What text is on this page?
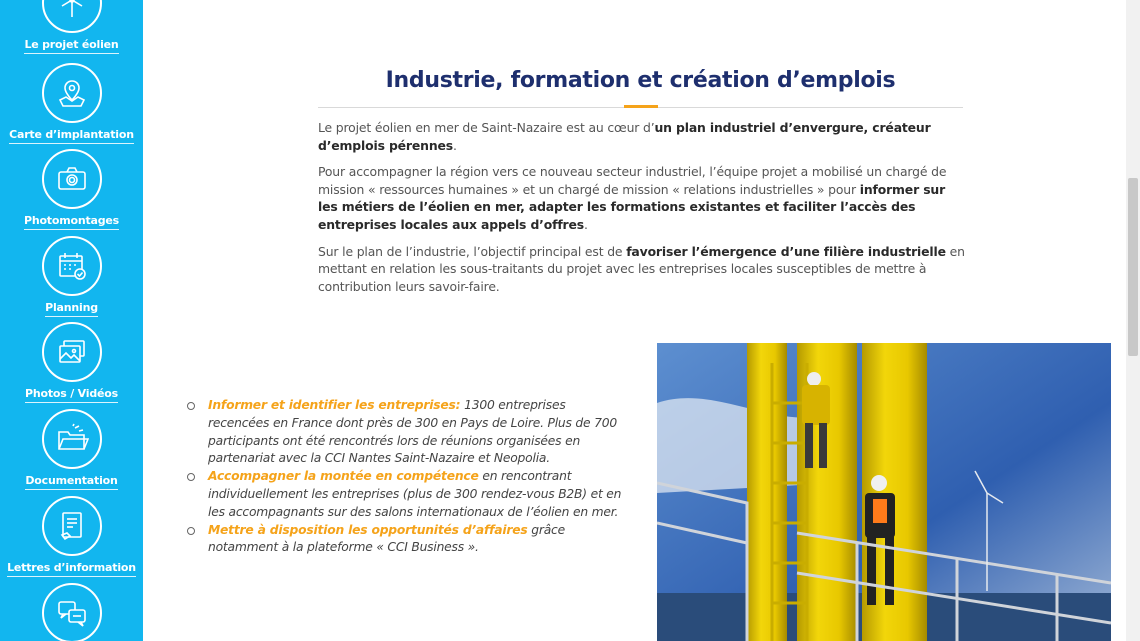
Le projet éolien
Carte d’implantation
Photomontages
Planning
Photos / Vidéos
Documentation
Lettres d’information
Industrie, formation et création d’emplois

Le projet éolien en mer de Saint-Nazaire est au cœur d’un plan industriel d’envergure, créateur d’emplois pérennes.

Pour accompagner la région vers ce nouveau secteur industriel, l’équipe projet a mobilisé un chargé de mission « ressources humaines » et un chargé de mission « relations industrielles » pour informer sur les métiers de l’éolien en mer, adapter les formations existantes et faciliter l’accès des entreprises locales aux appels d’offres.

Sur le plan de l’industrie, l’objectif principal est de favoriser l’émergence d’une filière industrielle en mettant en relation les sous-traitants du projet avec les entreprises locales susceptibles de mettre à contribution leurs savoir-faire.

Informer et identifier les entreprises: 1300 entreprises recencées en France dont près de 300 en Pays de Loire. Plus de 700 participants ont été rencontrés lors de réunions organisées en partenariat avec la CCI Nantes Saint-Nazaire et Neopolia.
Accompagner la montée en compétence en rencontrant individuellement les entreprises (plus de 300 rendez-vous B2B) et en les accompagnants sur des salons internationaux de l’éolien en mer.
Mettre à disposition les opportunités d’affaires grâce notamment à la plateforme « CCI Business ».
